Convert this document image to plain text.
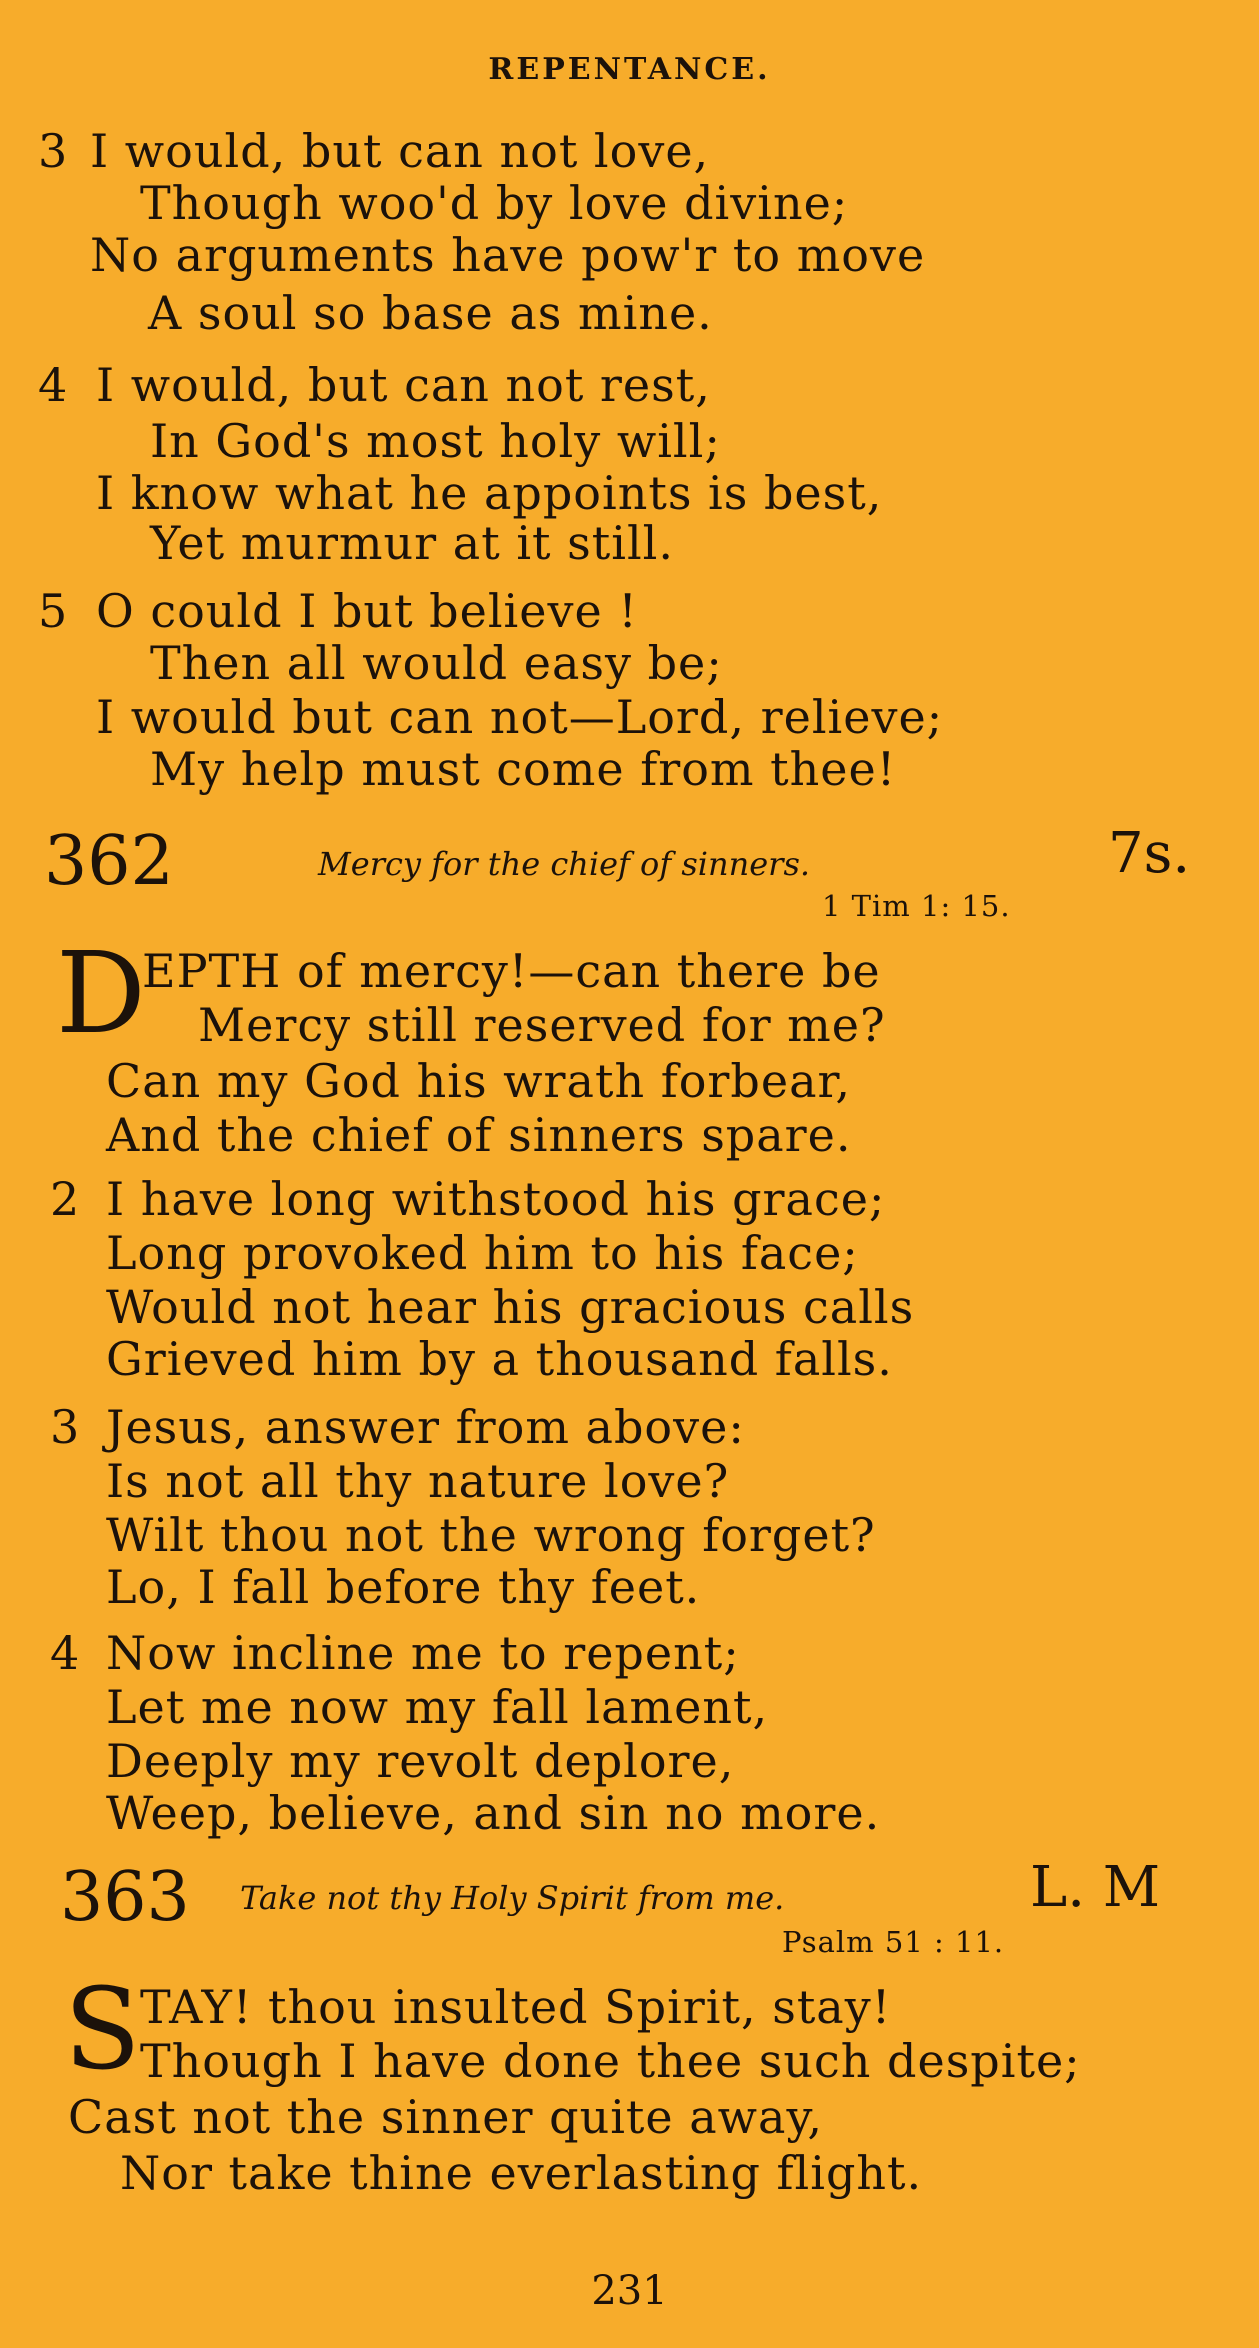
REPENTANCE.
3 I would, but can not love,
Though woo'd by love divine;
No arguments have pow'r to move
A soul so base as mine.
4 I would, but can not rest,
In God's most holy will;
I know what he appoints is best,
Yet murmur at it still.
5 O could I but believe !
Then all would easy be;
I would but can not—Lord, relieve;
My help must come from thee!
362	Mercy for the chief of sinners.	7s.
1 Tim 1: 15.
D
EPTH of mercy!—can there be
Mercy still reserved for me?
Can my God his wrath forbear,
And the chief of sinners spare.
2 I have long withstood his grace;
Long provoked him to his face;
Would not hear his gracious calls
Grieved him by a thousand falls.
3 Jesus, answer from above:
Is not all thy nature love?
Wilt thou not the wrong forget?
Lo, I fall before thy feet.
4 Now incline me to repent;
Let me now my fall lament,
Deeply my revolt deplore,
Weep, believe, and sin no more.
363 Take not thy Holy Spirit from me.	L. M
Psalm 51 : 11.
S TAY! thou insulted Spirit, stay!
Though I have done thee such despite;
Cast not the sinner quite away,
Nor take thine everlasting flight.
231
